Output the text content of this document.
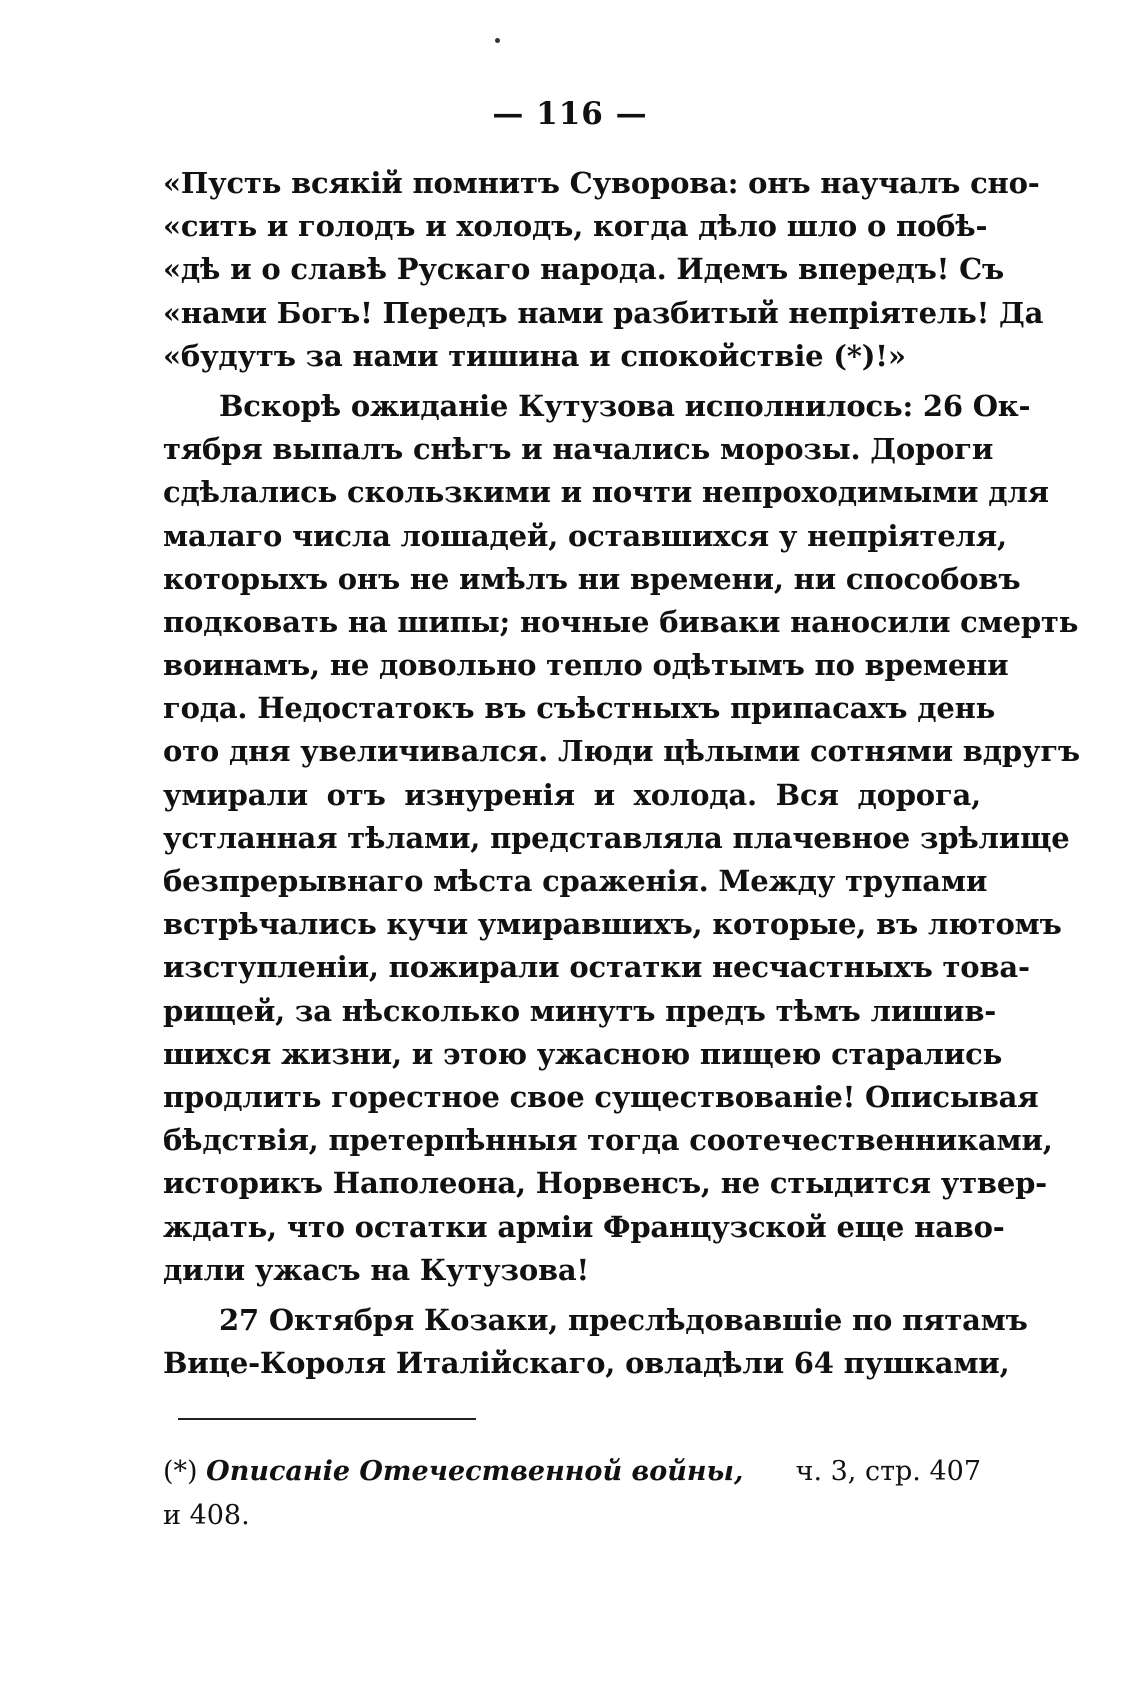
— 116 —
«Пусть всякій помнитъ Суворова: онъ научалъ сно-
«сить и голодъ и холодъ, когда дѣло шло о побѣ-
«дѣ и о славѣ Рускаго народа. Идемъ впередъ! Съ
«нами Богъ! Передъ нами разбитый непріятель! Да
«будутъ за нами тишина и спокойствіе (*)!»
Вскорѣ ожиданіе Кутузова исполнилось: 26 Ок-
тября выпалъ снѣгъ и начались морозы. Дороги
сдѣлались скользкими и почти непроходимыми для
малаго числа лошадей, оставшихся у непріятеля,
которыхъ онъ не имѣлъ ни времени, ни способовъ
подковать на шипы; ночные биваки наносили смерть
воинамъ, не довольно тепло одѣтымъ по времени
года. Недостатокъ въ съѣстныхъ припасахъ день
ото дня увеличивался. Люди цѣлыми сотнями вдругъ
умирали отъ изнуренія и холода. Вся дорога,
устланная тѣлами, представляла плачевное зрѣлище
безпрерывнаго мѣста сраженія. Между трупами
встрѣчались кучи умиравшихъ, которые, въ лютомъ
изступленіи, пожирали остатки несчастныхъ това-
рищей, за нѣсколько минутъ предъ тѣмъ лишив-
шихся жизни, и этою ужасною пищею старались
продлить горестное свое существованіе! Описывая
бѣдствія, претерпѣнныя тогда соотечественниками,
историкъ Наполеона, Норвенсъ, не стыдится утвер-
ждать, что остатки арміи Французской еще наво-
дили ужасъ на Кутузова!
27 Октября Козаки, преслѣдовавшіе по пятамъ
Вице-Короля Италійскаго, овладѣли 64 пушками,
(*) Описаніе Отечественной войны, ч. 3, стр. 407
и 408.
